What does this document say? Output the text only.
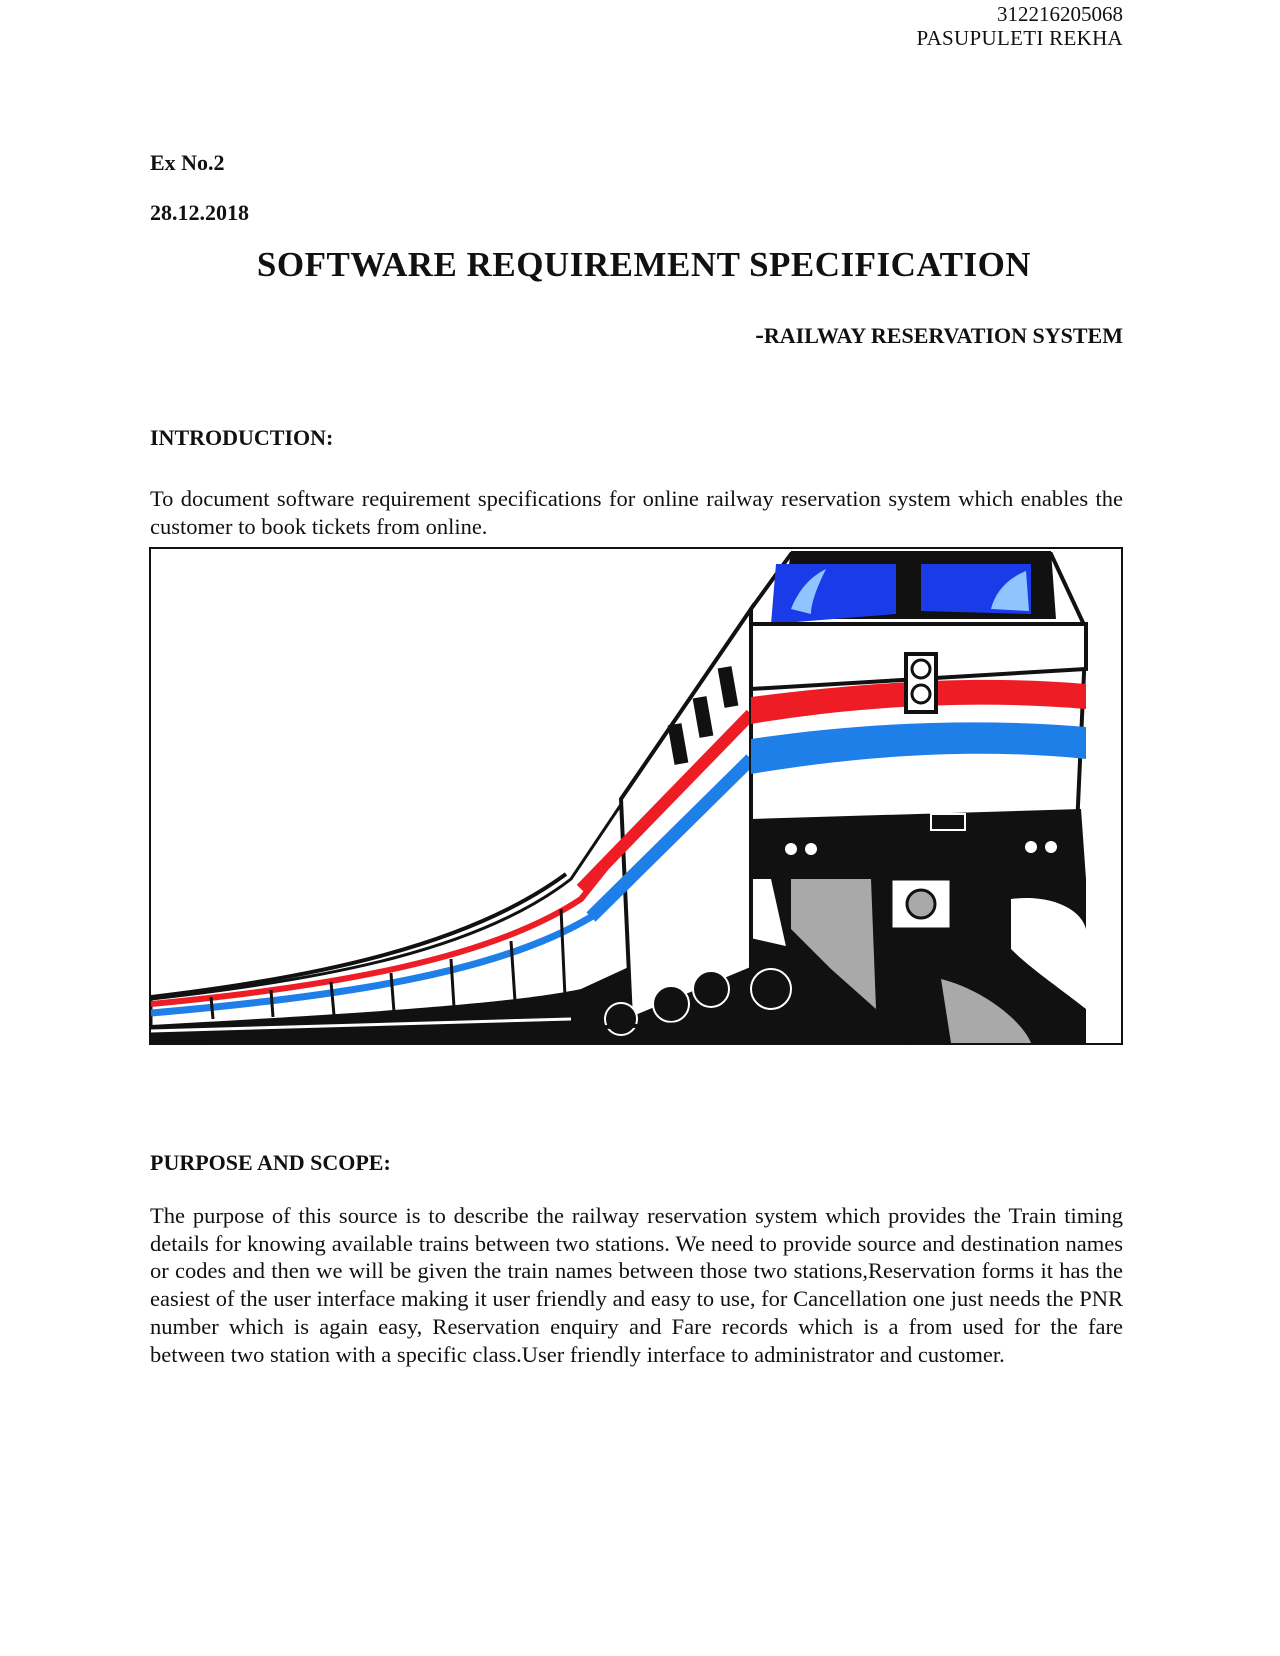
312216205068
PASUPULETI REKHA
Ex No.2
28.12.2018
SOFTWARE REQUIREMENT SPECIFICATION
-RAILWAY RESERVATION SYSTEM
INTRODUCTION:
To document software requirement specifications for online railway reservation system which enables the customer to book tickets from online.
PURPOSE AND SCOPE:
The purpose of this source is to describe the railway reservation system which provides the Train timing details for knowing available trains between two stations. We need to provide source and destination names or codes and then we will be given the train names between those two stations,Reservation forms it has the easiest of the user interface making it user friendly and easy to use, for Cancellation one just needs the PNR number which is again easy, Reservation enquiry and Fare records which is a from used for the fare between two station with a specific class.User friendly interface to administrator and customer.
